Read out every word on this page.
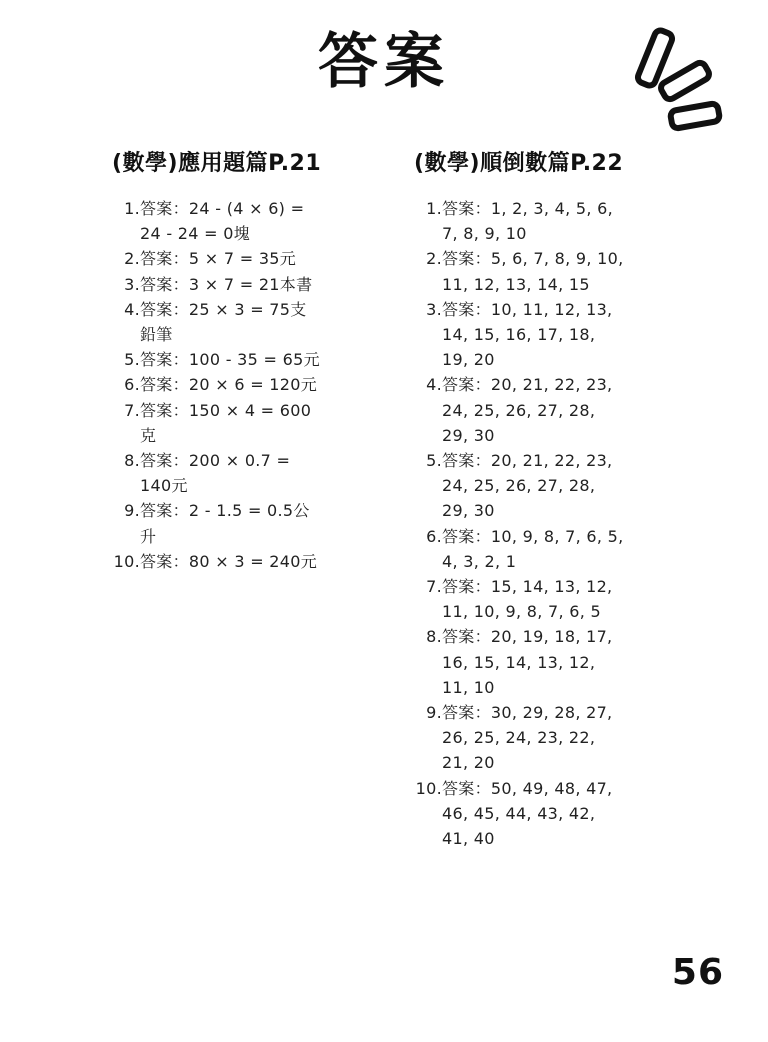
答案
(數學)應用題篇P.21
1. 答案：24 - (4 × 6) = 24 - 24 = 0塊
2. 答案：5 × 7 = 35元
3. 答案：3 × 7 = 21本書
4. 答案：25 × 3 = 75支鉛筆
5. 答案：100 - 35 = 65元
6. 答案：20 × 6 = 120元
7. 答案：150 × 4 = 600克
8. 答案：200 × 0.7 = 140元
9. 答案：2 - 1.5 = 0.5公升
10. 答案：80 × 3 = 240元
(數學)順倒數篇P.22
1. 答案：1, 2, 3, 4, 5, 6, 7, 8, 9, 10
2. 答案：5, 6, 7, 8, 9, 10, 11, 12, 13, 14, 15
3. 答案：10, 11, 12, 13, 14, 15, 16, 17, 18, 19, 20
4. 答案：20, 21, 22, 23, 24, 25, 26, 27, 28, 29, 30
5. 答案：20, 21, 22, 23, 24, 25, 26, 27, 28, 29, 30
6. 答案：10, 9, 8, 7, 6, 5, 4, 3, 2, 1
7. 答案：15, 14, 13, 12, 11, 10, 9, 8, 7, 6, 5
8. 答案：20, 19, 18, 17, 16, 15, 14, 13, 12, 11, 10
9. 答案：30, 29, 28, 27, 26, 25, 24, 23, 22, 21, 20
10. 答案：50, 49, 48, 47, 46, 45, 44, 43, 42, 41, 40
56
